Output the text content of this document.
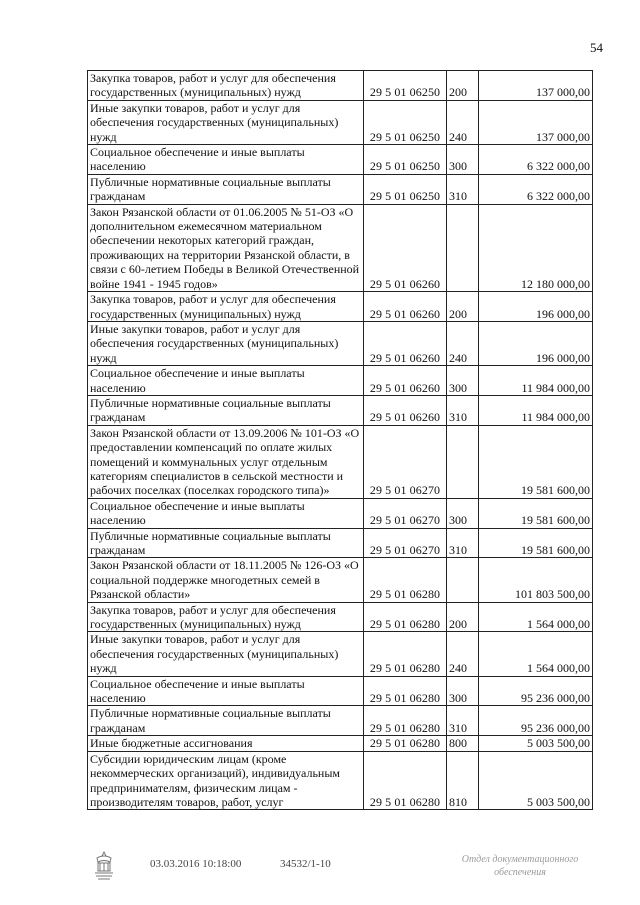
54
Закупка товаров, работ и услуг для обеспечения государственных (муниципальных) нужд	29 5 01 06250	200	137 000,00
Иные закупки товаров, работ и услуг для обеспечения государственных (муниципальных) нужд	29 5 01 06250	240	137 000,00
Социальное обеспечение и иные выплаты населению	29 5 01 06250	300	6 322 000,00
Публичные нормативные социальные выплаты гражданам	29 5 01 06250	310	6 322 000,00
Закон Рязанской области от 01.06.2005 № 51-ОЗ «О дополнительном ежемесячном материальном обеспечении некоторых категорий граждан, проживающих на территории Рязанской области, в связи с 60-летием Победы в Великой Отечественной войне 1941 - 1945 годов»	29 5 01 06260		12 180 000,00
Закупка товаров, работ и услуг для обеспечения государственных (муниципальных) нужд	29 5 01 06260	200	196 000,00
Иные закупки товаров, работ и услуг для обеспечения государственных (муниципальных) нужд	29 5 01 06260	240	196 000,00
Социальное обеспечение и иные выплаты населению	29 5 01 06260	300	11 984 000,00
Публичные нормативные социальные выплаты гражданам	29 5 01 06260	310	11 984 000,00
Закон Рязанской области от 13.09.2006 № 101-ОЗ «О предоставлении компенсаций по оплате жилых помещений и коммунальных услуг отдельным категориям специалистов в сельской местности и рабочих поселках (поселках городского типа)»	29 5 01 06270		19 581 600,00
Социальное обеспечение и иные выплаты населению	29 5 01 06270	300	19 581 600,00
Публичные нормативные социальные выплаты гражданам	29 5 01 06270	310	19 581 600,00
Закон Рязанской области от 18.11.2005 № 126-ОЗ «О социальной поддержке многодетных семей в Рязанской области»	29 5 01 06280		101 803 500,00
Закупка товаров, работ и услуг для обеспечения государственных (муниципальных) нужд	29 5 01 06280	200	1 564 000,00
Иные закупки товаров, работ и услуг для обеспечения государственных (муниципальных) нужд	29 5 01 06280	240	1 564 000,00
Социальное обеспечение и иные выплаты населению	29 5 01 06280	300	95 236 000,00
Публичные нормативные социальные выплаты гражданам	29 5 01 06280	310	95 236 000,00
Иные бюджетные ассигнования	29 5 01 06280	800	5 003 500,00
Субсидии юридическим лицам (кроме некоммерческих организаций), индивидуальным предпринимателям, физическим лицам - производителям товаров, работ, услуг	29 5 01 06280	810	5 003 500,00
03.03.2016 10:18:00	34532/1-10	Отдел документационного обеспечения
